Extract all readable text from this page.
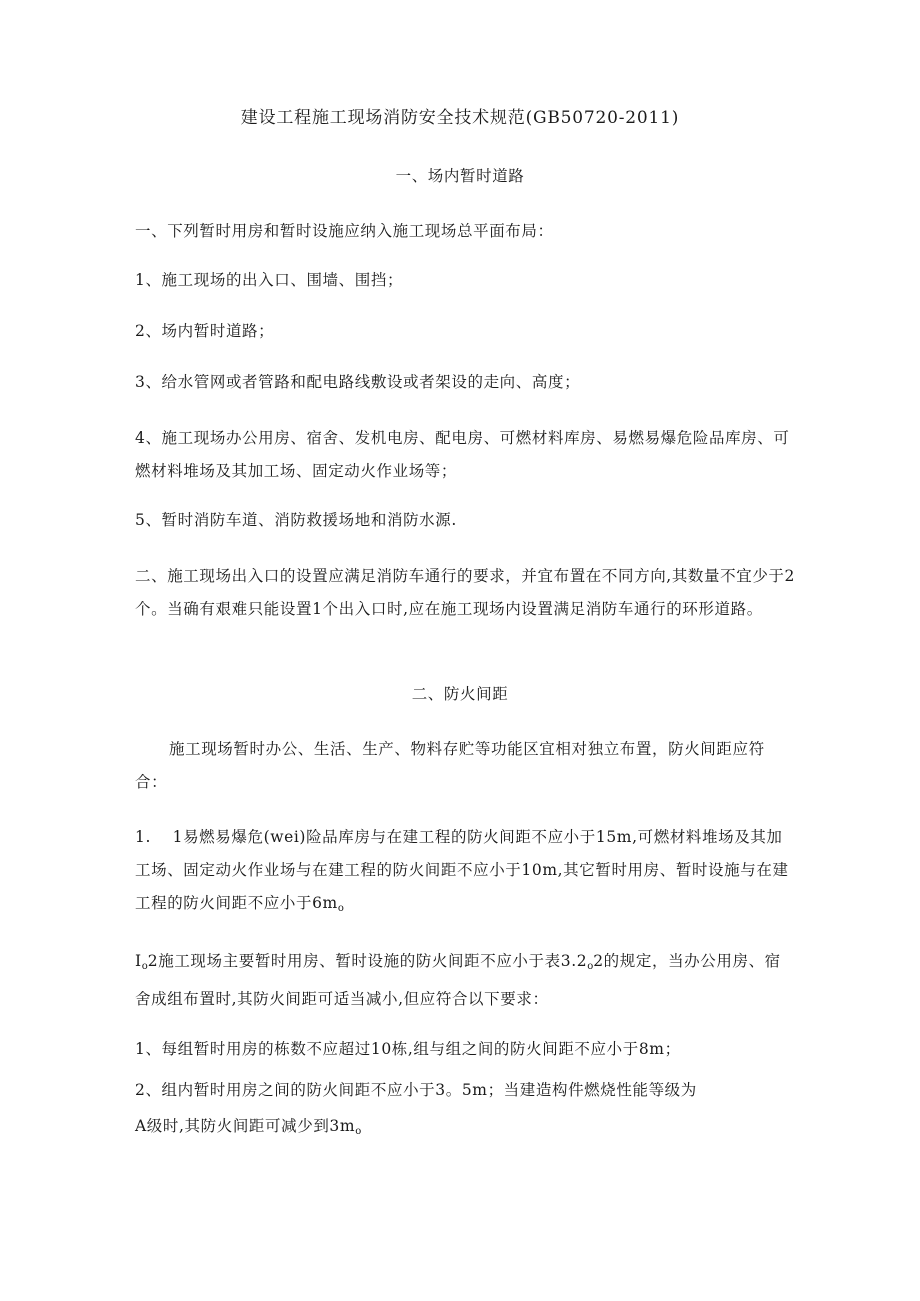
建设工程施工现场消防安全技术规范(GB50720-2011)
一、场内暂时道路
一、下列暂时用房和暂时设施应纳入施工现场总平面布局：
1、施工现场的出入口、围墙、围挡；
2、场内暂时道路；
3、给水管网或者管路和配电路线敷设或者架设的走向、高度；
4、施工现场办公用房、宿舍、发机电房、配电房、可燃材料库房、易燃易爆危险品库房、可燃材料堆场及其加工场、固定动火作业场等；
5、暂时消防车道、消防救援场地和消防水源.
二、施工现场出入口的设置应满足消防车通行的要求，并宜布置在不同方向,其数量不宜少于2个。当确有艰难只能设置1个出入口时,应在施工现场内设置满足消防车通行的环形道路。
二、防火间距
施工现场暂时办公、生活、生产、物料存贮等功能区宜相对独立布置，防火间距应符合：
1.　 1易燃易爆危(wei)险品库房与在建工程的防火间距不应小于15m,可燃材料堆场及其加工场、固定动火作业场与在建工程的防火间距不应小于10m,其它暂时用房、暂时设施与在建工程的防火间距不应小于$6m_o$
$I_o2$施工现场主要暂时用房、暂时设施的防火间距不应小于表$3.2_o2$的规定，当办公用房、宿舍成组布置时,其防火间距可适当减小,但应符合以下要求：
1、每组暂时用房的栋数不应超过10栋,组与组之间的防火间距不应小于8m；
2、组内暂时用房之间的防火间距不应小于3。5m；当建造构件燃烧性能等级为
A级时,其防火间距可减少到$3m_o$
